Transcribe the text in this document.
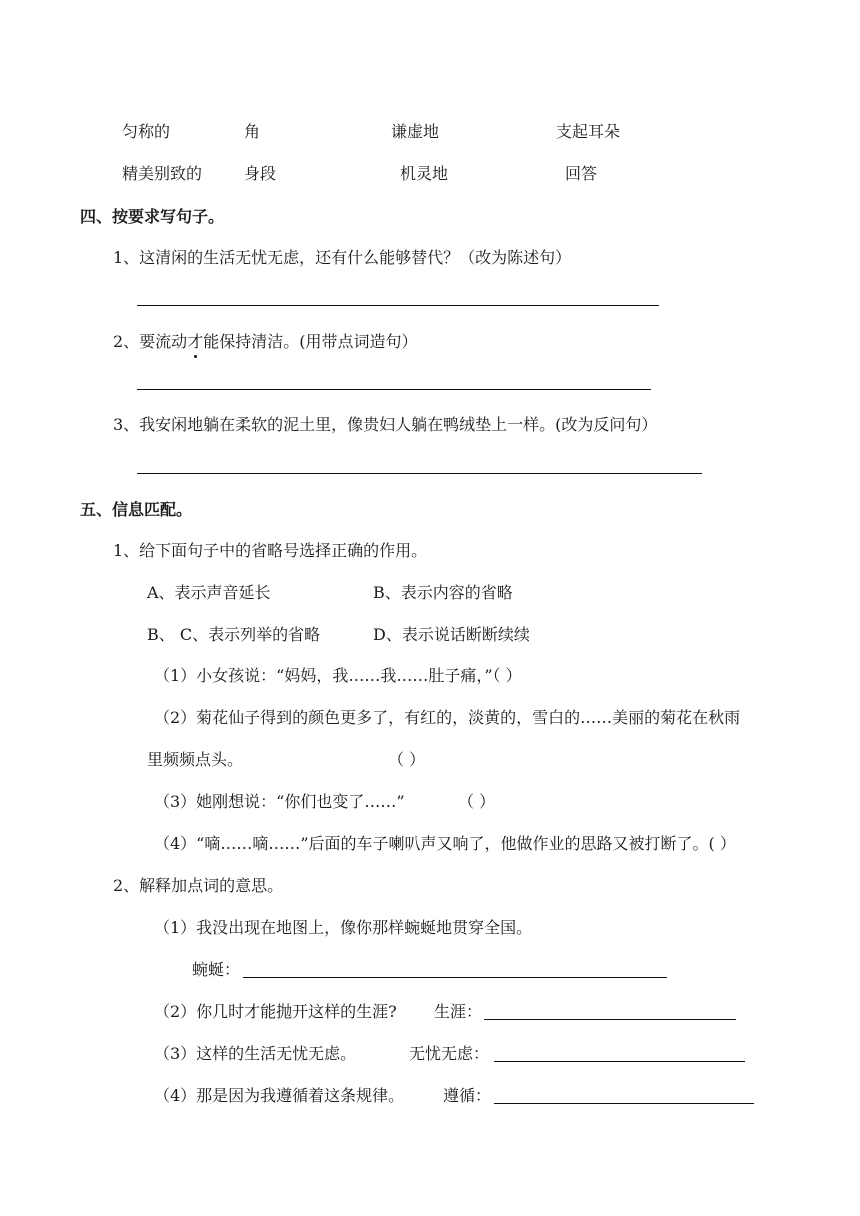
匀称的	角	谦虚地	支起耳朵
精美别致的	身段	机灵地	回答
四、按要求写句子。
1、这清闲的生活无忧无虑，还有什么能够替代？（改为陈述句）
2、要流动才能保持清洁。(用带点词造句）
3、我安闲地躺在柔软的泥土里，像贵妇人躺在鸭绒垫上一样。(改为反问句）
五、信息匹配。
1、给下面句子中的省略号选择正确的作用。
A、表示声音延长	B、表示内容的省略
B、 C、表示列举的省略	D、表示说话断断续续
（1）小女孩说：“妈妈，我……我……肚子痛，”（ ）
（2）菊花仙子得到的颜色更多了，有红的，淡黄的，雪白的……美丽的菊花在秋雨
里频频点头。	（ ）
（3）她刚想说：“你们也变了……”	（ ）
（4）“嘀……嘀……”后面的车子喇叭声又响了，他做作业的思路又被打断了。( ）
2、解释加点词的意思。
（1）我没出现在地图上，像你那样蜿蜒地贯穿全国。
蜿蜒：
（2）你几时才能抛开这样的生涯? 生涯：
（3）这样的生活无忧无虑。	无忧无虑：
（4）那是因为我遵循着这条规律。 遵循：
